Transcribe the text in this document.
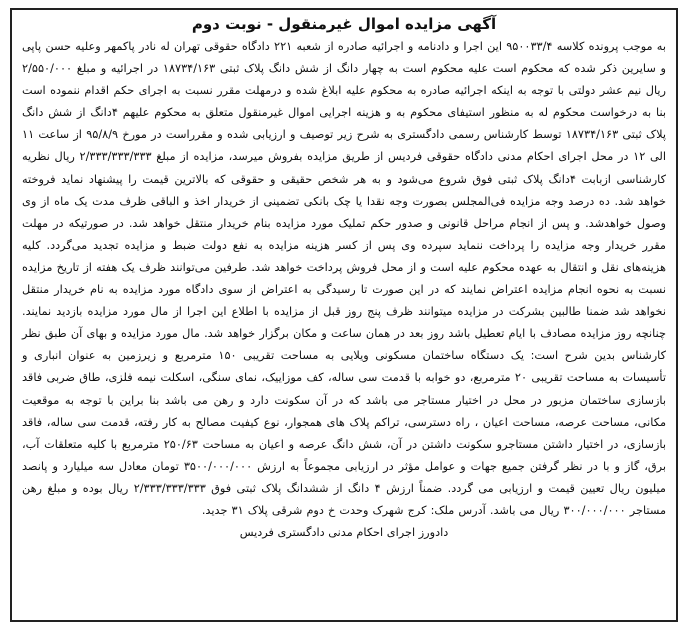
آگهی مزایده اموال غیرمنقول - نوبت دوم

به موجب پرونده کلاسه ۹۵۰۰۳۳/۴ این اجرا و دادنامه و اجرائیه صادره از شعبه ۲۲۱ دادگاه حقوقی تهران له نادر پاکمهر وعلیه حسن پاپی و سایرین ذکر شده که محکوم است علیه محکوم است به چهار دانگ از شش دانگ پلاک ثبتی ۱۸۷۳۴/۱۶۳ در اجرائیه و مبلغ ۲/۵۵۰/۰۰۰ ریال نیم عشر دولتی با توجه به اینکه اجرائیه صادره به محکوم علیه ابلاغ شده و درمهلت مقرر نسبت به اجرای حکم اقدام ننموده است بنا به درخواست محکوم له به منظور استیفای محکوم به و هزینه اجرایی اموال غیرمنقول متعلق به محکوم علیهم ۴دانگ از شش دانگ پلاک ثبتی ۱۸۷۳۴/۱۶۳ توسط کارشناس رسمی دادگستری به شرح زیر توصیف و ارزیابی شده و مقرراست در مورخ ۹۵/۸/۹ از ساعت ۱۱ الی ۱۲ در محل اجرای احکام مدنی دادگاه حقوقی فردیس از طریق مزایده بفروش میرسد، مزایده از مبلغ ۲/۳۳۳/۳۳۳/۳۳۳ ریال نظریه کارشناسی ازبابت ۴دانگ پلاک ثبتی فوق شروع می‌شود و به هر شخص حقیقی و حقوقی که بالاترین قیمت را پیشنهاد نماید فروخته خواهد شد. ده درصد وجه مزایده فی‌المجلس بصورت وجه نقدا یا چک بانکی تضمینی از خریدار اخذ و الباقی ظرف مدت یک ماه از وی وصول خواهدشد. و پس از انجام مراحل قانونی و صدور حکم تملیک مورد مزایده بنام خریدار منتقل خواهد شد. در صورتیکه در مهلت مقرر خریدار وجه مزایده را پرداخت ننماید سپرده وی پس از کسر هزینه مزایده به نفع دولت ضبط و مزایده تجدید می‌گردد. کلیه هزینه‌های نقل و انتقال به عهده محکوم علیه است و از محل فروش پرداخت خواهد شد. طرفین می‌توانند ظرف یک هفته از تاریخ مزایده نسبت به نحوه انجام مزایده اعتراض نمایند که در این صورت تا رسیدگی به اعتراض از سوی دادگاه مورد مزایده به نام خریدار منتقل نخواهد شد ضمنا طالبین بشرکت در مزایده میتوانند ظرف پنج روز قبل از مزایده با اطلاع این اجرا از مال مورد مزایده بازدید نمایند. چنانچه روز مزایده مصادف با ایام تعطیل باشد روز بعد در همان ساعت و مکان برگزار خواهد شد. مال مورد مزایده و بهای آن طبق نظر کارشناس بدین شرح است: یک دستگاه ساختمان مسکونی ویلایی به مساحت تقریبی ۱۵۰ مترمربع و زیرزمین به عنوان انباری و تأسیسات به مساحت تقریبی ۲۰ مترمربع، دو خوابه با قدمت سی ساله، کف موزاییک، نمای سنگی، اسکلت نیمه فلزی، طاق ضربی فاقد بازسازی ساختمان مزبور در محل در اختیار مستاجر می باشد که در آن سکونت دارد و رهن می باشد بنا براین با توجه به موقعیت مکانی، مساحت عرصه، مساحت اعیان ، راه دسترسی، تراکم پلاک های همجوار، نوع کیفیت مصالح به کار رفته، قدمت سی ساله، فاقد بازسازی، در اختیار داشتن مستاجرو سکونت داشتن در آن، شش دانگ عرصه و اعیان به مساحت ۲۵۰/۶۳ مترمربع با کلیه متعلقات آب، برق، گاز و با در نظر گرفتن جمیع جهات و عوامل مؤثر در ارزیابی مجموعاً به ارزش ۳۵۰۰/۰۰۰/۰۰۰ تومان معادل سه میلیارد و پانصد میلیون ریال تعیین قیمت و ارزیابی می گردد. ضمناً ارزش ۴ دانگ از ششدانگ پلاک ثبتی فوق ۲/۳۳۳/۳۳۳/۳۳۳ ریال بوده و مبلغ رهن مستاجر ۳۰۰/۰۰۰/۰۰۰ ریال می باشد. آدرس ملک: کرج شهرک وحدت خ دوم شرقی پلاک ۳۱ جدید.

دادورز اجرای احکام مدنی دادگستری فردیس
